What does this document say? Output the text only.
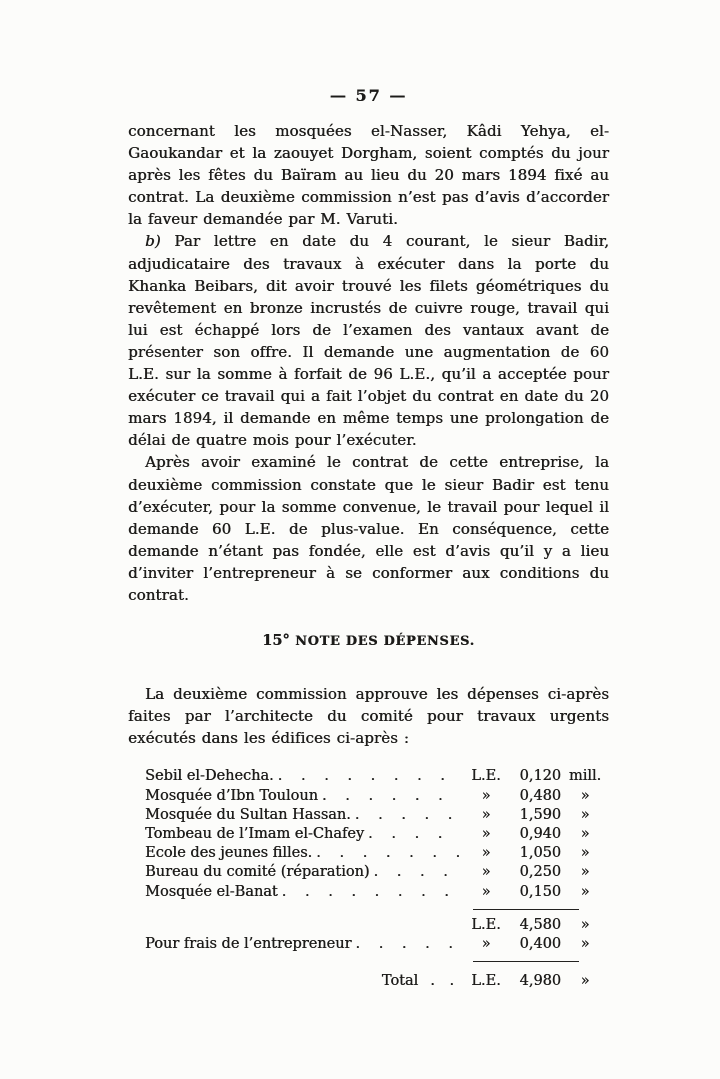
— 57 —

concernant les mosquées el-Nasser, Kâdi Yehya, el-Gaoukandar et la zaouyet Dorgham, soient comptés du jour après les fêtes du Baïram au lieu du 20 mars 1894 fixé au contrat. La deuxième commission n’est pas d’avis d’accorder la faveur demandée par M. Varuti.

b) Par lettre en date du 4 courant, le sieur Badir, adjudicataire des travaux à exécuter dans la porte du Khanka Beibars, dit avoir trouvé les filets géométriques du revêtement en bronze incrustés de cuivre rouge, travail qui lui est échappé lors de l’examen des vantaux avant de présenter son offre. Il demande une augmentation de 60 L.E. sur la somme à forfait de 96 L.E., qu’il a acceptée pour exécuter ce travail qui a fait l’objet du contrat en date du 20 mars 1894, il demande en même temps une prolongation de délai de quatre mois pour l’exécuter.

Après avoir examiné le contrat de cette entreprise, la deuxième commission constate que le sieur Badir est tenu d’exécuter, pour la somme convenue, le travail pour lequel il demande 60 L.E. de plus-value. En conséquence, cette demande n’étant pas fondée, elle est d’avis qu’il y a lieu d’inviter l’entrepreneur à se conformer aux conditions du contrat.

15° NOTE DES DÉPENSES.

La deuxième commission approuve les dépenses ci-après faites par l’architecte du comité pour travaux urgents exécutés dans les édifices ci-après :

Sebil el-Dehecha. . . .	L.E.	0,120 mill.
Mosquée d’Ibn Touloun . . .	»	0,480	»
Mosquée du Sultan Hassan. . . .	»	1,590	»
Tombeau de l’Imam el-Chafey . . .	»	0,940	»
Ecole des jeunes filles. . . .	»	1,050	»
Bureau du comité (réparation) . . .	»	0,250	»
Mosquée el-Banat . . .	»	0,150	»
L.E.	4,580	»
Pour frais de l’entrepreneur . . .	»	0,400	»
Total . . L.E.	4,980	»
